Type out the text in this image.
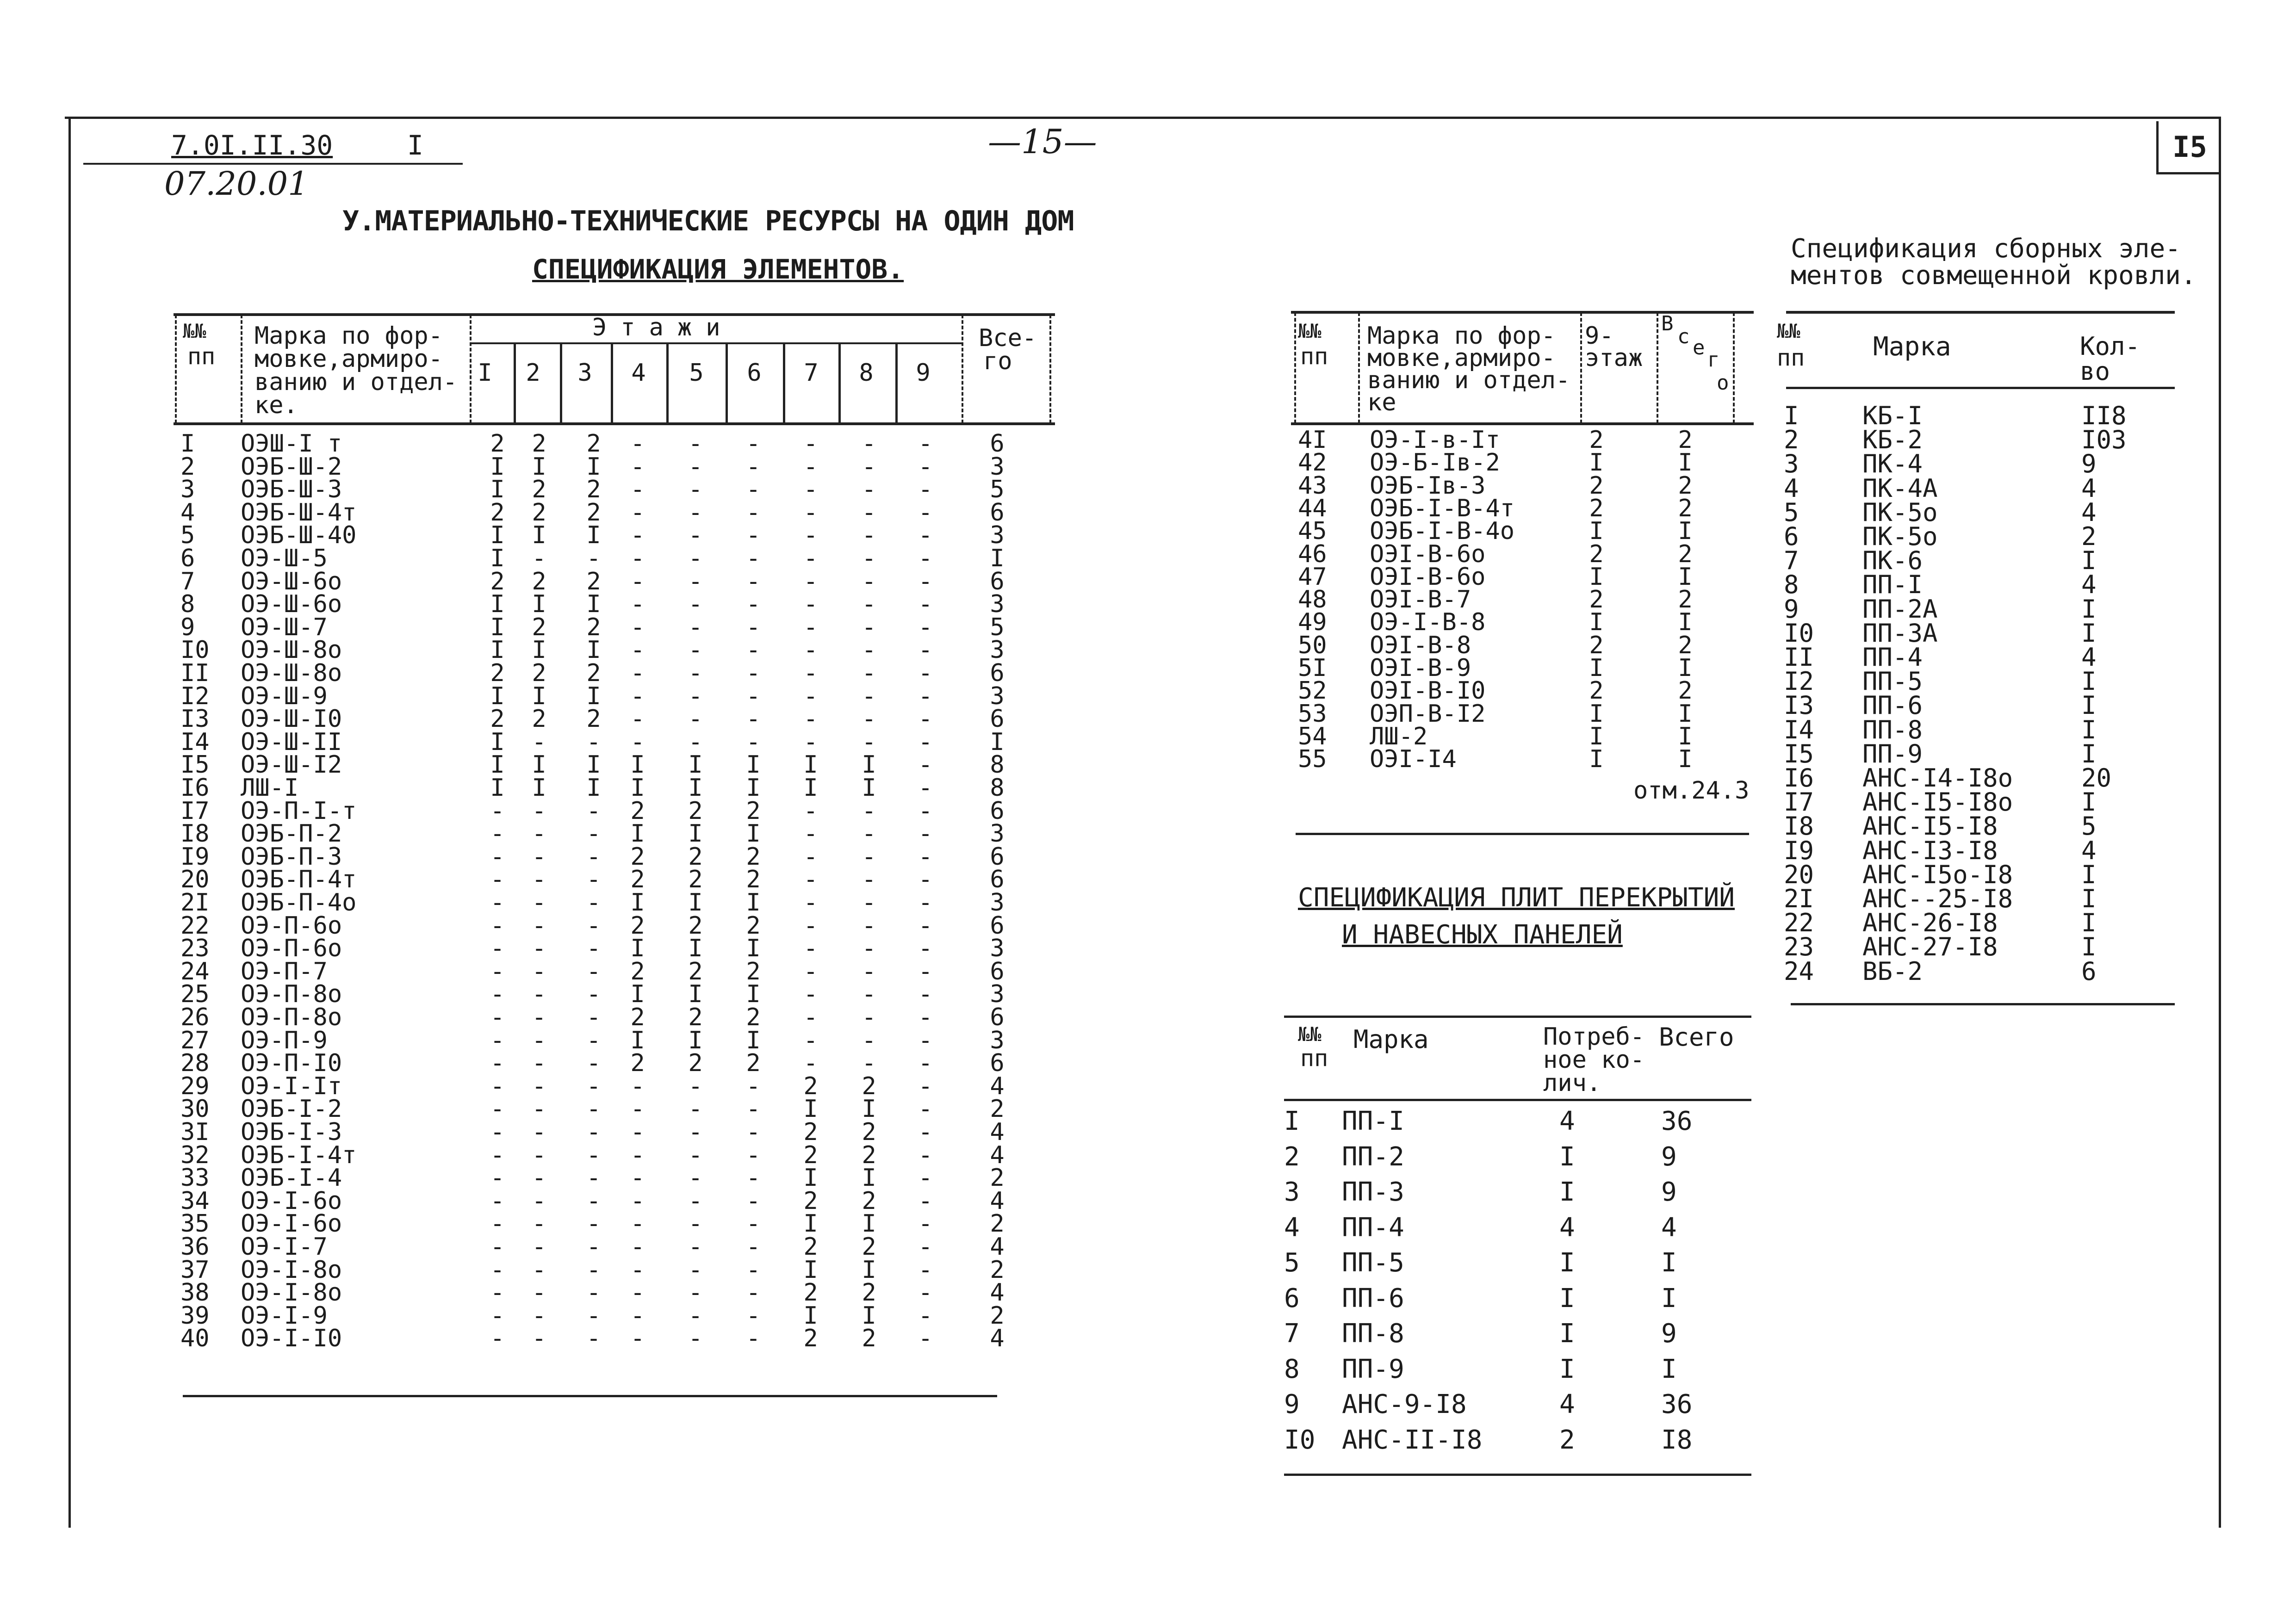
I5
7.0I.II.30	I
07.20.01
—15—
У.МАТЕРИАЛЬНО-ТЕХНИЧЕСКИЕ РЕСУРСЫ НА ОДИН ДОМ
СПЕЦИФИКАЦИЯ ЭЛЕМЕНТОВ.
№№
пп
Марка по фор-
мовке,армиро-
ванию и отдел-
ке.
Этажи	Все-
го
I 2 3 4 5 6 7 8 9
I	ОЭШ-I т	2 2 2 - - - - - - 6
2	ОЭБ-Ш-2	I I I - - - - - - 3
3	ОЭБ-Ш-3	I 2 2 - - - - - - 5
4	ОЭБ-Ш-4т	2 2 2 - - - - - - 6
5	ОЭБ-Ш-40	I I I - - - - - - 3
6	ОЭ-Ш-5	I - - - - - - - - I
7	ОЭ-Ш-6о	2 2 2 - - - - - - 6
8	ОЭ-Ш-6о	I I I - - - - - - 3
9	ОЭ-Ш-7	I 2 2 - - - - - - 5
I0	ОЭ-Ш-8о	I I I - - - - - - 3
II	ОЭ-Ш-8о	2 2 2 - - - - - - 6
I2	ОЭ-Ш-9	I I I - - - - - - 3
I3	ОЭ-Ш-I0	2 2 2 - - - - - - 6
I4	ОЭ-Ш-II	I - - - - - - - - I
I5	ОЭ-Ш-I2	I I I I I I I I - 8
I6	ЛШ-I	I I I I I I I I - 8
I7	ОЭ-П-I-т	- - - 2 2 2 - - - 6
I8	ОЭБ-П-2	- - - I I I - - - 3
I9	ОЭБ-П-3	- - - 2 2 2 - - - 6
20	ОЭБ-П-4т	- - - 2 2 2 - - - 6
2I	ОЭБ-П-4о	- - - I I I - - - 3
22	ОЭ-П-6о	- - - 2 2 2 - - - 6
23	ОЭ-П-6о	- - - I I I - - - 3
24	ОЭ-П-7	- - - 2 2 2 - - - 6
25	ОЭ-П-8о	- - - I I I - - - 3
26	ОЭ-П-8о	- - - 2 2 2 - - - 6
27	ОЭ-П-9	- - - I I I - - - 3
28	ОЭ-П-I0	- - - 2 2 2 - - - 6
29	ОЭ-I-Iт	- - - - - - 2 2 - 4
30	ОЭБ-I-2	- - - - - - I I - 2
3I	ОЭБ-I-3	- - - - - - 2 2 - 4
32	ОЭБ-I-4т	- - - - - - 2 2 - 4
33	ОЭБ-I-4	- - - - - - I I - 2
34	ОЭ-I-6о	- - - - - - 2 2 - 4
35	ОЭ-I-6о	- - - - - - I I - 2
36	ОЭ-I-7	- - - - - - 2 2 - 4
37	ОЭ-I-8о	- - - - - - I I - 2
38	ОЭ-I-8о	- - - - - - 2 2 - 4
39	ОЭ-I-9	- - - - - - I I - 2
40	ОЭ-I-I0	- - - - - - 2 2 - 4
№№
пп
Марка по фор-
мовке,армиро-
ванию и отдел-
ке
9-
этаж
В
с е
г
о
4I ОЭ-I-в-Iт	2	2
42 ОЭ-Б-Iв-2	I	I
43 ОЭБ-Iв-3	2	2
44 ОЭБ-I-В-4т	2	2
45 ОЭБ-I-В-4о	I	I
46 ОЭI-В-6о	2	2
47 ОЭI-В-6о	I	I
48 ОЭI-В-7	2	2
49 ОЭ-I-В-8	I	I
50 ОЭI-В-8	2	2
5I ОЭI-В-9	I	I
52 ОЭI-В-I0	2	2
53 ОЭП-В-I2	I	I
54 ЛШ-2	I	I
55 ОЭI-I4	I	I
отм.24.3
СПЕЦИФИКАЦИЯ ПЛИТ ПЕРЕКРЫТИЙ
И НАВЕСНЫХ ПАНЕЛЕЙ
№№
пп
Марка	Потреб-
ное ко-
лич.
Всего
I ПП-I	4	36
2 ПП-2	I	9
3 ПП-3	I	9
4 ПП-4	4	4
5 ПП-5	I	I
6 ПП-6	I	I
7 ПП-8	I	9
8 ПП-9	I	I
9 АНС-9-I8	4	36
I0 АНС-II-I8	2	I8
Спецификация сборных эле-
ментов совмещенной кровли.
№№
пп	Марка	Кол-
во
I	КБ-I	II8
2	КБ-2	I03
3	ПК-4	9
4	ПК-4А	4
5	ПК-5о	4
6	ПК-5о	2
7	ПК-6	I
8	ПП-I	4
9	ПП-2А	I
I0 ПП-3А	I
II ПП-4	4
I2 ПП-5	I
I3 ПП-6	I
I4 ПП-8	I
I5 ПП-9	I
I6 АНС-I4-I8о	20
I7 АНС-I5-I8о	I
I8 АНС-I5-I8	5
I9 АНС-I3-I8	4
20 АНС-I5о-I8	I
2I АНС--25-I8	I
22 АНС-26-I8	I
23 АНС-27-I8	I
24 ВБ-2	6
